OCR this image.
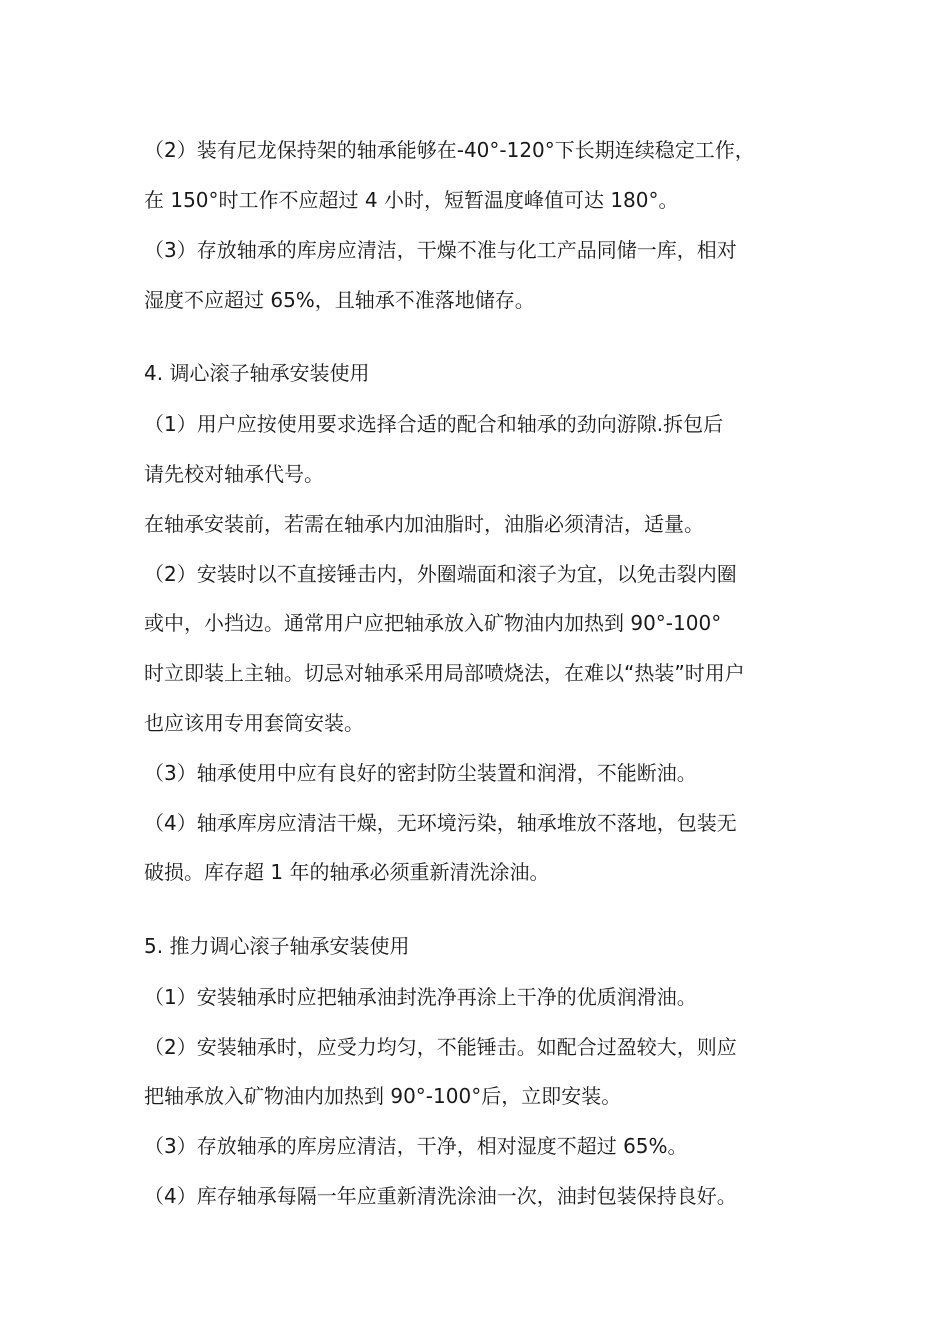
（2）装有尼龙保持架的轴承能够在-40°-120°下长期连续稳定工作，
在 150°时工作不应超过 4 小时，短暂温度峰值可达 180°。
（3）存放轴承的库房应清洁，干燥不准与化工产品同储一库，相对
湿度不应超过 65%，且轴承不准落地储存。
4. 调心滚子轴承安装使用
（1）用户应按使用要求选择合适的配合和轴承的劲向游隙.拆包后
请先校对轴承代号。
在轴承安装前，若需在轴承内加油脂时，油脂必须清洁，适量。
（2）安装时以不直接锤击内，外圈端面和滚子为宜，以免击裂内圈
或中，小挡边。通常用户应把轴承放入矿物油内加热到 90°-100°
时立即装上主轴。切忌对轴承采用局部喷烧法，在难以“热装”时用户
也应该用专用套筒安装。
（3）轴承使用中应有良好的密封防尘装置和润滑，不能断油。
（4）轴承库房应清洁干燥，无环境污染，轴承堆放不落地，包装无
破损。库存超 1 年的轴承必须重新清洗涂油。
5. 推力调心滚子轴承安装使用
（1）安装轴承时应把轴承油封洗净再涂上干净的优质润滑油。
（2）安装轴承时，应受力均匀，不能锤击。如配合过盈较大，则应
把轴承放入矿物油内加热到 90°-100°后，立即安装。
（3）存放轴承的库房应清洁，干净，相对湿度不超过 65%。
（4）库存轴承每隔一年应重新清洗涂油一次，油封包装保持良好。
